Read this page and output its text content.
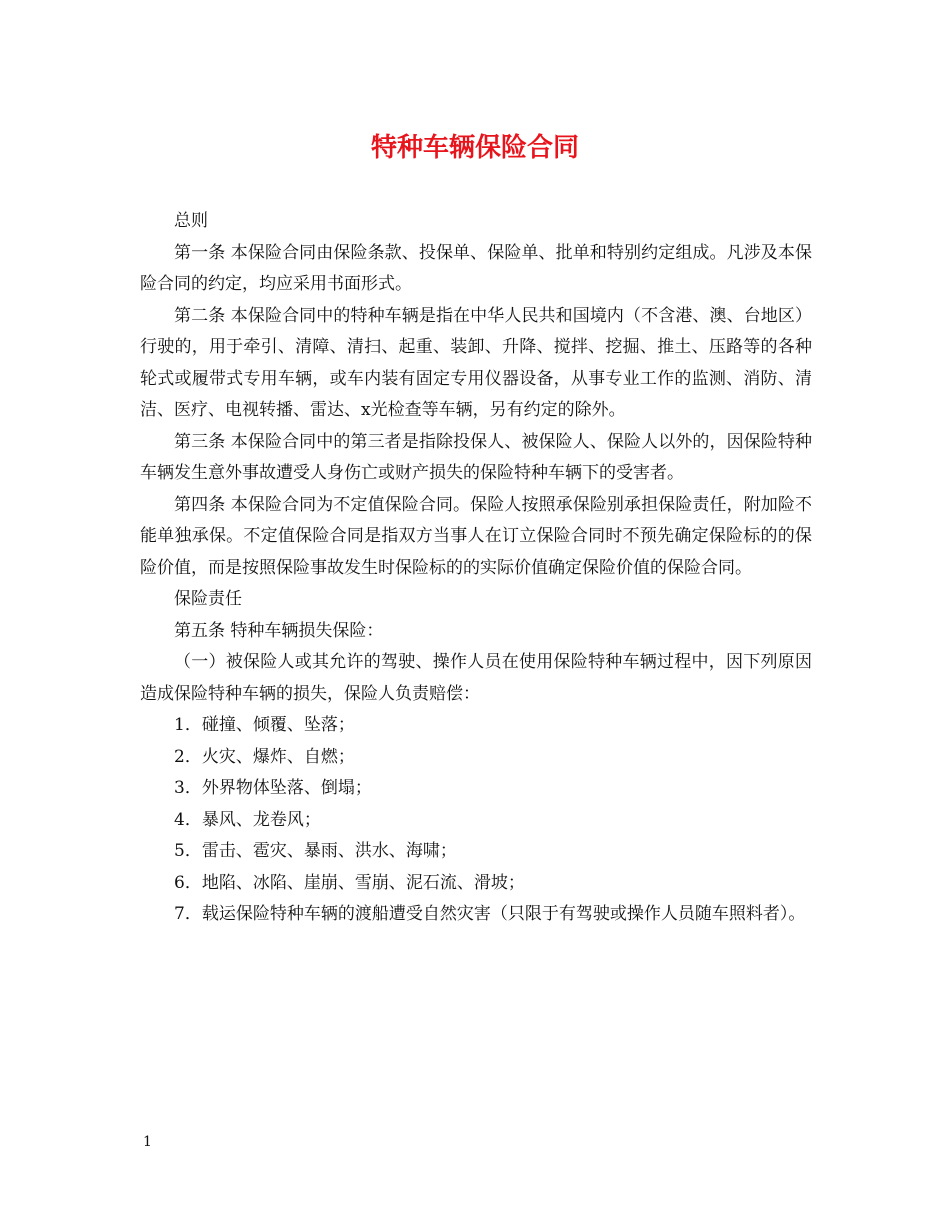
特种车辆保险合同

总则

第一条 本保险合同由保险条款、投保单、保险单、批单和特别约定组成。凡涉及本保险合同的约定，均应采用书面形式。

第二条 本保险合同中的特种车辆是指在中华人民共和国境内（不含港、澳、台地区）行驶的，用于牵引、清障、清扫、起重、装卸、升降、搅拌、挖掘、推土、压路等的各种轮式或履带式专用车辆，或车内装有固定专用仪器设备，从事专业工作的监测、消防、清洁、医疗、电视转播、雷达、x光检查等车辆，另有约定的除外。

第三条 本保险合同中的第三者是指除投保人、被保险人、保险人以外的，因保险特种车辆发生意外事故遭受人身伤亡或财产损失的保险特种车辆下的受害者。

第四条 本保险合同为不定值保险合同。保险人按照承保险别承担保险责任，附加险不能单独承保。不定值保险合同是指双方当事人在订立保险合同时不预先确定保险标的的保险价值，而是按照保险事故发生时保险标的的实际价值确定保险价值的保险合同。

保险责任

第五条 特种车辆损失保险：

（一）被保险人或其允许的驾驶、操作人员在使用保险特种车辆过程中，因下列原因造成保险特种车辆的损失，保险人负责赔偿：

1．碰撞、倾覆、坠落；

2．火灾、爆炸、自燃；

3．外界物体坠落、倒塌；

4．暴风、龙卷风；

5．雷击、雹灾、暴雨、洪水、海啸；

6．地陷、冰陷、崖崩、雪崩、泥石流、滑坡；

7．载运保险特种车辆的渡船遭受自然灾害（只限于有驾驶或操作人员随车照料者）。

1
